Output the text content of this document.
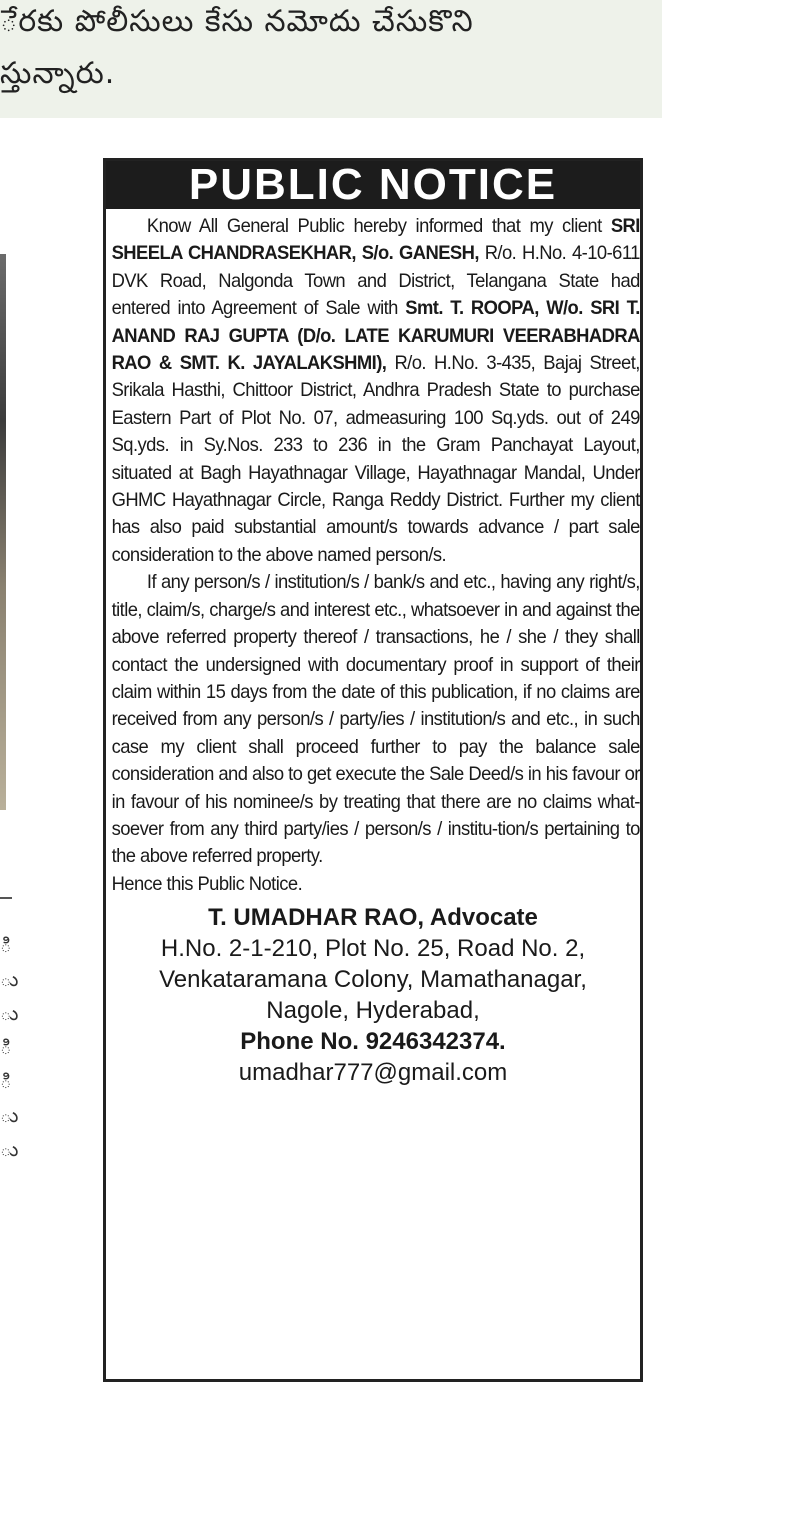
ేరకు పోలీసులు కేసు నమోదు చేసుకొని
స్తున్నారు.
ి
ు
ు
ి
ి
ు
ు
PUBLIC NOTICE

Know All General Public hereby informed that my client SRI SHEELA CHANDRASEKHAR, S/o. GANESH, R/o. H.No. 4-10-611 DVK Road, Nalgonda Town and District, Telangana State had entered into Agreement of Sale with Smt. T. ROOPA, W/o. SRI T. ANAND RAJ GUPTA (D/o. LATE KARUMURI VEERABHADRA RAO & SMT. K. JAYALAKSHMI), R/o. H.No. 3-435, Bajaj Street, Srikala Hasthi, Chittoor District, Andhra Pradesh State to purchase Eastern Part of Plot No. 07, admeasuring 100 Sq.yds. out of 249 Sq.yds. in Sy.Nos. 233 to 236 in the Gram Panchayat Layout, situated at Bagh Hayathnagar Village, Hayathnagar Mandal, Under GHMC Hayathnagar Circle, Ranga Reddy District. Further my client has also paid substantial amount/s towards advance / part sale consideration to the above named person/s.

If any person/s / institution/s / bank/s and etc., having any right/s, title, claim/s, charge/s and interest etc., whatsoever in and against the above referred property thereof / transactions, he / she / they shall contact the undersigned with documentary proof in support of their claim within 15 days from the date of this publication, if no claims are received from any person/s / party/ies / institution/s and etc., in such case my client shall proceed further to pay the balance sale consideration and also to get execute the Sale Deed/s in his favour or in favour of his nominee/s by treating that there are no claims what-soever from any third party/ies / person/s / institu-tion/s pertaining to the above referred property.

Hence this Public Notice.

T. UMADHAR RAO, Advocate
H.No. 2-1-210, Plot No. 25, Road No. 2,
Venkataramana Colony, Mamathanagar,
Nagole, Hyderabad,
Phone No. 9246342374.
umadhar777@gmail.com
